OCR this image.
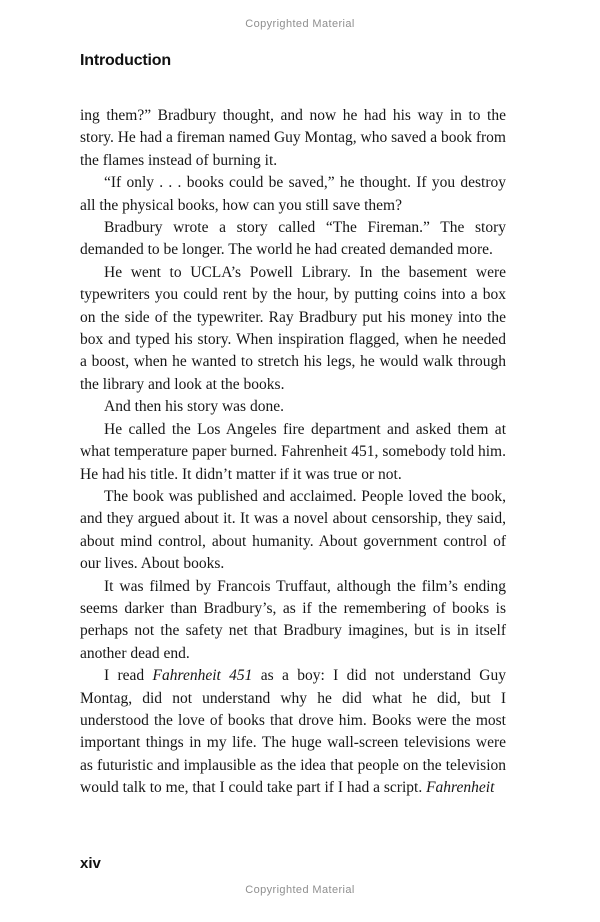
Copyrighted Material
Introduction

ing them?” Bradbury thought, and now he had his way in to the story. He had a fireman named Guy Montag, who saved a book from the flames instead of burning it.

“If only . . . books could be saved,” he thought. If you destroy all the physical books, how can you still save them?

Bradbury wrote a story called “The Fireman.” The story demanded to be longer. The world he had created demanded more.

He went to UCLA’s Powell Library. In the basement were typewriters you could rent by the hour, by putting coins into a box on the side of the typewriter. Ray Bradbury put his money into the box and typed his story. When inspiration flagged, when he needed a boost, when he wanted to stretch his legs, he would walk through the library and look at the books.

And then his story was done.

He called the Los Angeles fire department and asked them at what temperature paper burned. Fahrenheit 451, somebody told him. He had his title. It didn’t matter if it was true or not.

The book was published and acclaimed. People loved the book, and they argued about it. It was a novel about censorship, they said, about mind control, about humanity. About government control of our lives. About books.

It was filmed by Francois Truffaut, although the film’s ending seems darker than Bradbury’s, as if the remembering of books is perhaps not the safety net that Bradbury imagines, but is in itself another dead end.

I read Fahrenheit 451 as a boy: I did not understand Guy Montag, did not understand why he did what he did, but I understood the love of books that drove him. Books were the most important things in my life. The huge wall-screen televisions were as futuristic and implausible as the idea that people on the television would talk to me, that I could take part if I had a script. Fahrenheit

xiv
Copyrighted Material
